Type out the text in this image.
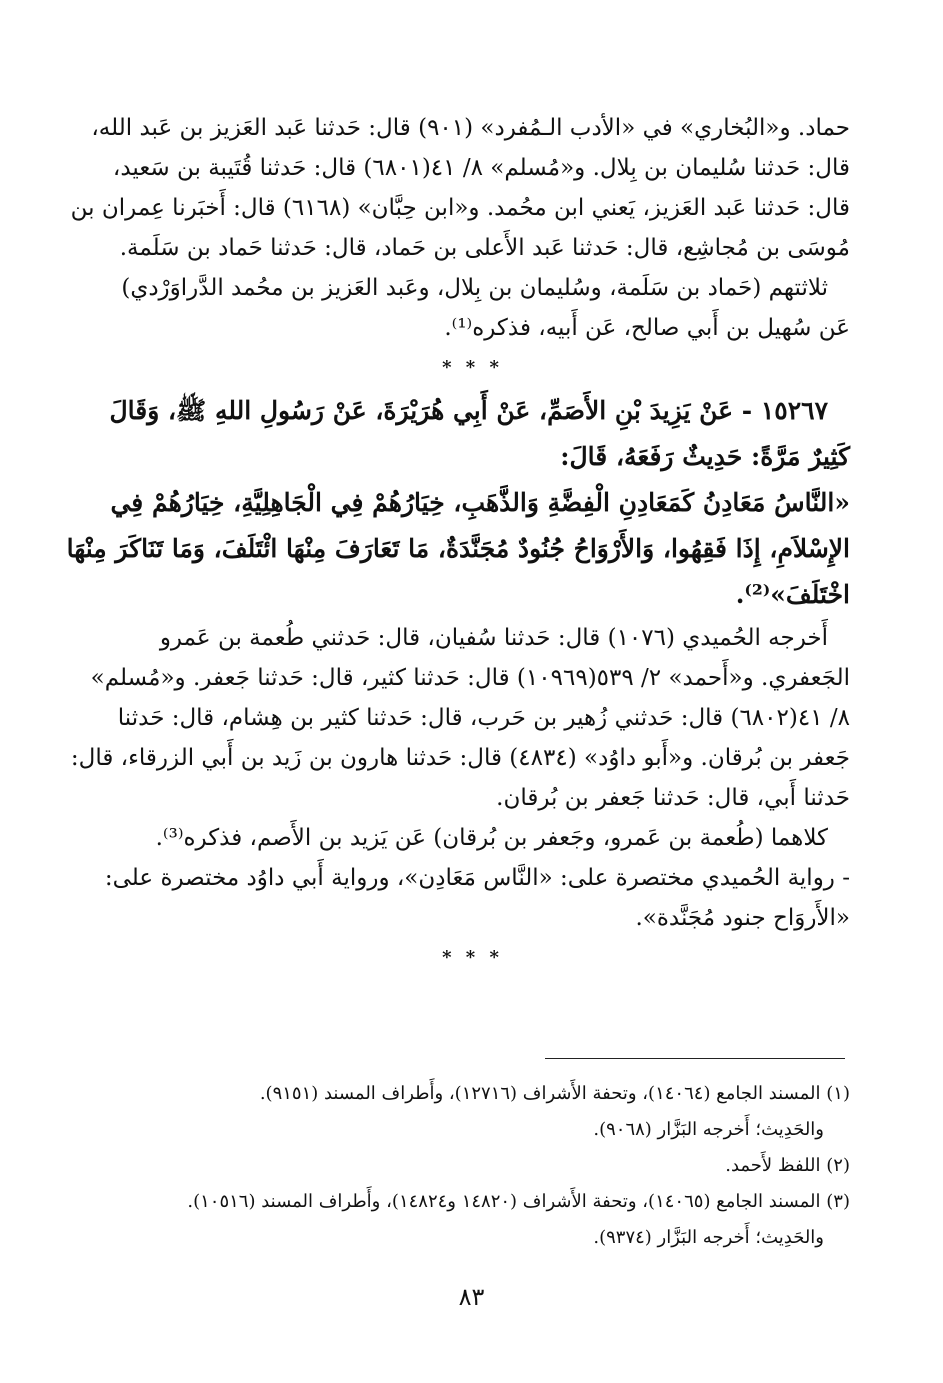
حماد. و«البُخاري» في «الأدب الـمُفرد» (٩٠١) قال: حَدثنا عَبد العَزيز بن عَبد الله،
قال: حَدثنا سُليمان بن بِلال. و«مُسلم» ٨/ ٤١(٦٨٠١) قال: حَدثنا قُتَيبة بن سَعيد،
قال: حَدثنا عَبد العَزيز، يَعني ابن محُمد. و«ابن حِبَّان» (٦١٦٨) قال: أَخبَرنا عِمران بن
مُوسَى بن مُجاشِع، قال: حَدثنا عَبد الأَعلى بن حَماد، قال: حَدثنا حَماد بن سَلَمة.
ثلاثتهم (حَماد بن سَلَمة، وسُليمان بن بِلال، وعَبد العَزيز بن محُمد الدَّراوَرْدي)
عَن سُهيل بن أَبي صالح، عَن أَبيه، فذكره⁽¹⁾.
* * *
١٥٢٦٧ - عَنْ يَزِيدَ بْنِ الأَصَمِّ، عَنْ أَبِي هُرَيْرَةَ، عَنْ رَسُولِ اللهِ ﷺ، وَقَالَ
كَثِيرٌ مَرَّةً: حَدِيثٌ رَفَعَهُ، قَالَ:
«النَّاسُ مَعَادِنُ كَمَعَادِنِ الْفِضَّةِ وَالذَّهَبِ، خِيَارُهُمْ فِي الْجَاهِلِيَّةِ، خِيَارُهُمْ فِي
الإِسْلاَمِ، إِذَا فَقِهُوا، وَالأَرْوَاحُ جُنُودٌ مُجَنَّدَةٌ، مَا تَعَارَفَ مِنْهَا ائْتَلَفَ، وَمَا تَنَاكَرَ مِنْهَا
اخْتَلَفَ»⁽²⁾.
أَخرجه الحُميدي (١٠٧٦) قال: حَدثنا سُفيان، قال: حَدثني طُعمة بن عَمرو
الجَعفري. و«أَحمد» ٢/ ٥٣٩(١٠٩٦٩) قال: حَدثنا كثير، قال: حَدثنا جَعفر. و«مُسلم»
٨/ ٤١(٦٨٠٢) قال: حَدثني زُهير بن حَرب، قال: حَدثنا كثير بن هِشام، قال: حَدثنا
جَعفر بن بُرقان. و«أَبو داوُد» (٤٨٣٤) قال: حَدثنا هارون بن زَيد بن أَبي الزرقاء، قال:
حَدثنا أَبي، قال: حَدثنا جَعفر بن بُرقان.
كلاهما (طُعمة بن عَمرو، وجَعفر بن بُرقان) عَن يَزيد بن الأَصم، فذكره⁽³⁾.
- رواية الحُميدي مختصرة على: «النَّاس مَعَادِن»، ورواية أَبي داوُد مختصرة على:
«الأَروَاح جنود مُجَنَّدة».
* * *
(١) المسند الجامع (١٤٠٦٤)، وتحفة الأَشراف (١٢٧١٦)، وأَطراف المسند (٩١٥١).
والحَدِيث؛ أَخرجه البَزَّار (٩٠٦٨).
(٢) اللفظ لأَحمد.
(٣) المسند الجامع (١٤٠٦٥)، وتحفة الأَشراف (١٤٨٢٠ و١٤٨٢٤)، وأَطراف المسند (١٠٥١٦).
والحَدِيث؛ أَخرجه البَزَّار (٩٣٧٤).
٨٣
